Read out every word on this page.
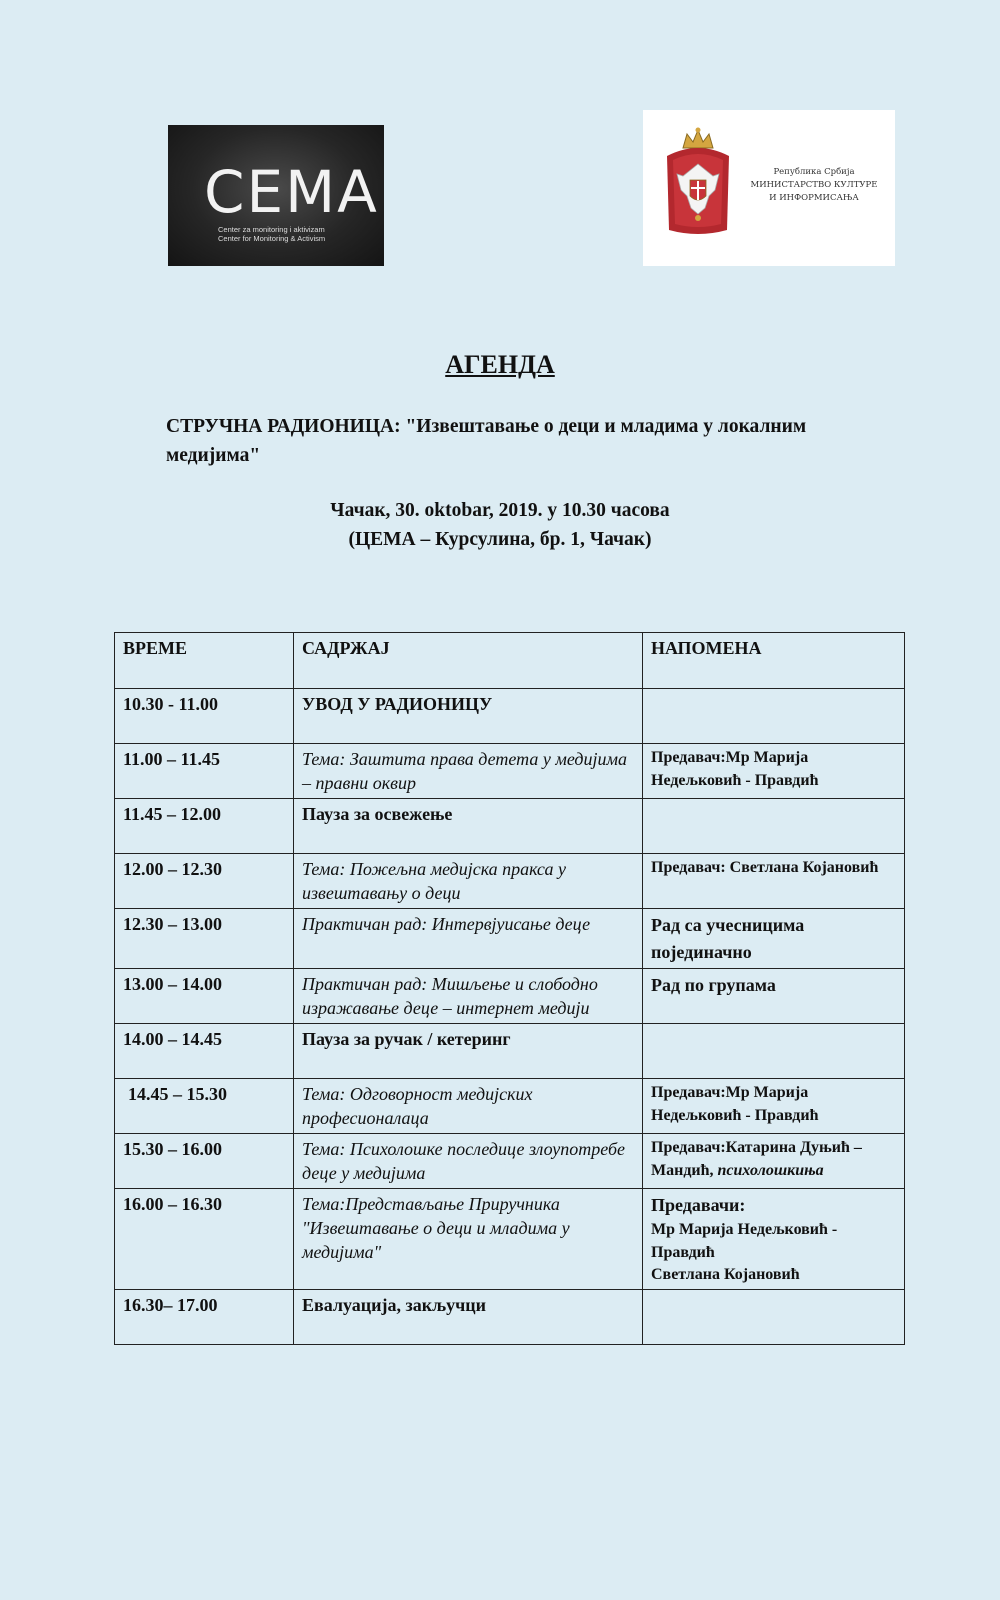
CEMA
Center za monitoring i aktivizam
Center for Monitoring & Activism
Република Србија
МИНИСТАРСТВО КУЛТУРЕ
И ИНФОРМИСАЊА
АГЕНДА
СТРУЧНА РАДИОНИЦА: "Извештавање о деци и младима у локалним медијима"
Чачак, 30. oktobar, 2019. у 10.30 часова
(ЦЕМА – Курсулина, бр. 1, Чачак)
ВРЕМЕ	САДРЖАЈ	НАПОМЕНА
10.30 - 11.00	УВОД У РАДИОНИЦУ	
11.00 – 11.45	Тема: Заштита права детета у медијима – правни оквир	Предавач:Мр Марија Недељковић - Правдић

11.45 – 12.00	Пауза за освежење	
12.00 – 12.30	Тема: Пожељна медијска пракса у извештавању о деци	Предавач: Светлана Којановић

12.30 – 13.00	Практичан рад: Интервјуисање деце	Рад са учесницима појединачно

13.00 – 14.00	Практичан рад: Мишљење и слободно изражавање деце – интернет медији	Рад по групама

14.00 – 14.45	Пауза за ручак / кетеринг	
14.45 – 15.30	Тема: Одговорност медијских професионалаца	Предавач:Мр Марија Недељковић - Правдић

15.30 – 16.00	Тема: Психолошке последице злоупотребе деце у медијима	Предавач:Катарина Дуњић – Мандић, психолошкиња

16.00 – 16.30	Тема:Представљање Приручника "Извештавање о деци и младима у медијима"	Предавачи:
Мр Марија Недељковић - Правдић
Светлана Којановић

16.30– 17.00	Евалуација, закључци	
